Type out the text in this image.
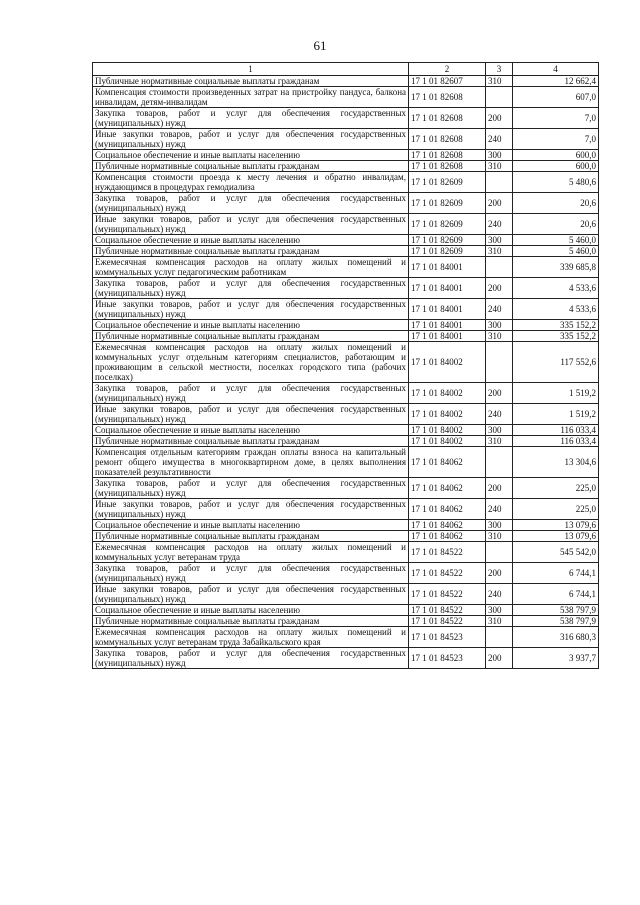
61
1	2	3	4
Публичные нормативные социальные выплаты гражданам	17 1 01 82607	310	12 662,4
Компенсация стоимости произведенных затрат на пристройку пандуса, балкона инвалидам, детям-инвалидам	17 1 01 82608		607,0
Закупка товаров, работ и услуг для обеспечения государственных (муниципальных) нужд	17 1 01 82608	200	7,0
Иные закупки товаров, работ и услуг для обеспечения государственных (муниципальных) нужд	17 1 01 82608	240	7,0
Социальное обеспечение и иные выплаты населению	17 1 01 82608	300	600,0
Публичные нормативные социальные выплаты гражданам	17 1 01 82608	310	600,0
Компенсация стоимости проезда к месту лечения и обратно инвалидам, нуждающимся в процедурах гемодиализа	17 1 01 82609		5 480,6
Закупка товаров, работ и услуг для обеспечения государственных (муниципальных) нужд	17 1 01 82609	200	20,6
Иные закупки товаров, работ и услуг для обеспечения государственных (муниципальных) нужд	17 1 01 82609	240	20,6
Социальное обеспечение и иные выплаты населению	17 1 01 82609	300	5 460,0
Публичные нормативные социальные выплаты гражданам	17 1 01 82609	310	5 460,0
Ежемесячная компенсация расходов на оплату жилых помещений и коммунальных услуг педагогическим работникам	17 1 01 84001		339 685,8
Закупка товаров, работ и услуг для обеспечения государственных (муниципальных) нужд	17 1 01 84001	200	4 533,6
Иные закупки товаров, работ и услуг для обеспечения государственных (муниципальных) нужд	17 1 01 84001	240	4 533,6
Социальное обеспечение и иные выплаты населению	17 1 01 84001	300	335 152,2
Публичные нормативные социальные выплаты гражданам	17 1 01 84001	310	335 152,2
Ежемесячная компенсация расходов на оплату жилых помещений и коммунальных услуг отдельным категориям специалистов, работающим и проживающим в сельской местности, поселках городского типа (рабочих поселках)	17 1 01 84002		117 552,6
Закупка товаров, работ и услуг для обеспечения государственных (муниципальных) нужд	17 1 01 84002	200	1 519,2
Иные закупки товаров, работ и услуг для обеспечения государственных (муниципальных) нужд	17 1 01 84002	240	1 519,2
Социальное обеспечение и иные выплаты населению	17 1 01 84002	300	116 033,4
Публичные нормативные социальные выплаты гражданам	17 1 01 84002	310	116 033,4
Компенсация отдельным категориям граждан оплаты взноса на капитальный ремонт общего имущества в многоквартирном доме, в целях выполнения показателей результативности	17 1 01 84062		13 304,6
Закупка товаров, работ и услуг для обеспечения государственных (муниципальных) нужд	17 1 01 84062	200	225,0
Иные закупки товаров, работ и услуг для обеспечения государственных (муниципальных) нужд	17 1 01 84062	240	225,0
Социальное обеспечение и иные выплаты населению	17 1 01 84062	300	13 079,6
Публичные нормативные социальные выплаты гражданам	17 1 01 84062	310	13 079,6
Ежемесячная компенсация расходов на оплату жилых помещений и коммунальных услуг ветеранам труда	17 1 01 84522		545 542,0
Закупка товаров, работ и услуг для обеспечения государственных (муниципальных) нужд	17 1 01 84522	200	6 744,1
Иные закупки товаров, работ и услуг для обеспечения государственных (муниципальных) нужд	17 1 01 84522	240	6 744,1
Социальное обеспечение и иные выплаты населению	17 1 01 84522	300	538 797,9
Публичные нормативные социальные выплаты гражданам	17 1 01 84522	310	538 797,9
Ежемесячная компенсация расходов на оплату жилых помещений и коммунальных услуг ветеранам труда Забайкальского края	17 1 01 84523		316 680,3
Закупка товаров, работ и услуг для обеспечения государственных (муниципальных) нужд	17 1 01 84523	200	3 937,7
